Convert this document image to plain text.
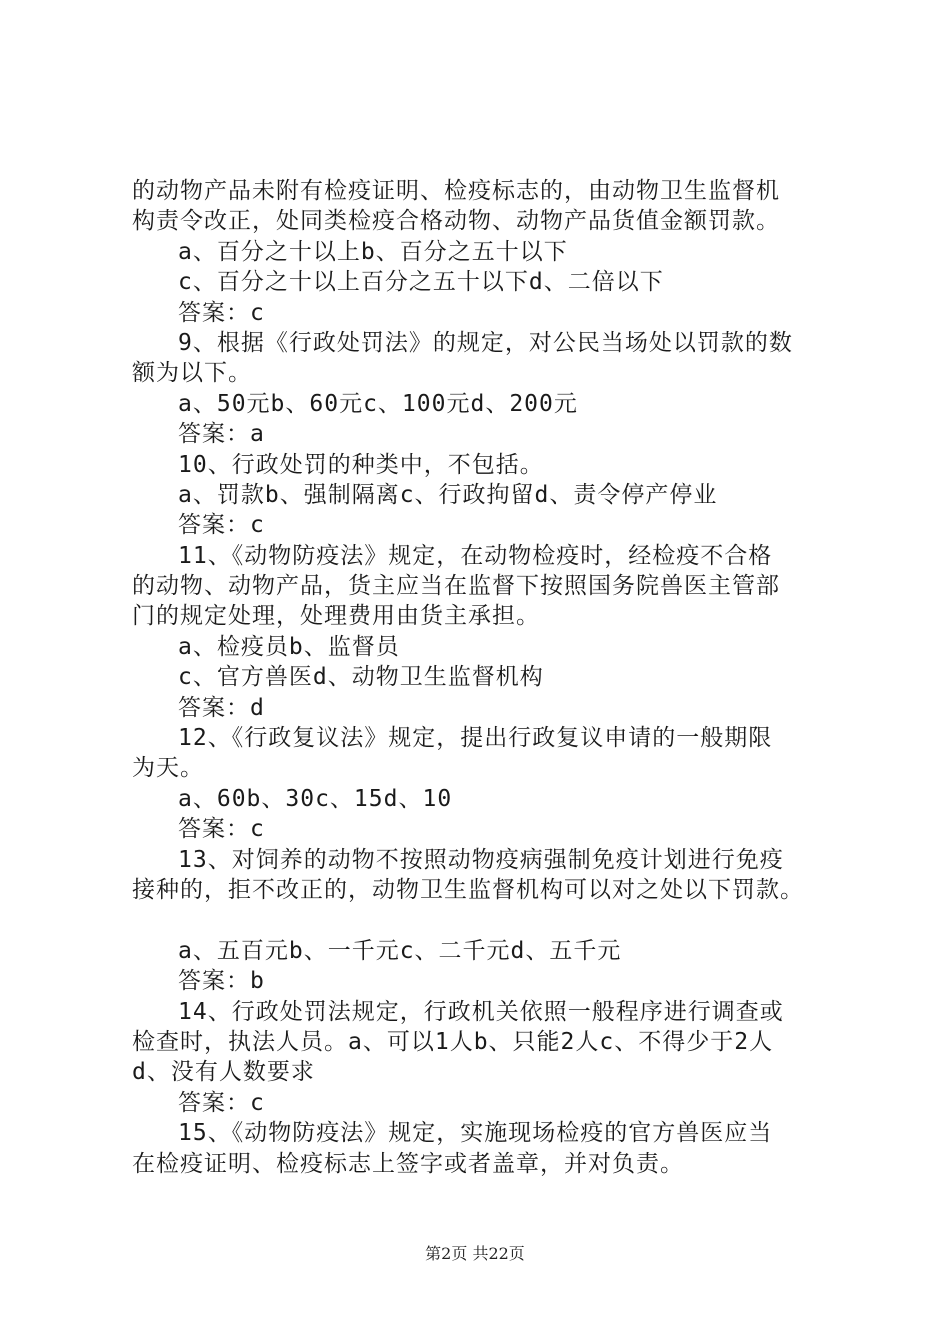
的动物产品未附有检疫证明、检疫标志的，由动物卫生监督机
构责令改正，处同类检疫合格动物、动物产品货值金额罚款。
a、百分之十以上b、百分之五十以下
c、百分之十以上百分之五十以下d、二倍以下
答案：c
9、根据《行政处罚法》的规定，对公民当场处以罚款的数
额为以下。
a、50元b、60元c、100元d、200元
答案：a
10、行政处罚的种类中，不包括。
a、罚款b、强制隔离c、行政拘留d、责令停产停业
答案：c
11、《动物防疫法》规定，在动物检疫时，经检疫不合格
的动物、动物产品，货主应当在监督下按照国务院兽医主管部
门的规定处理，处理费用由货主承担。
a、检疫员b、监督员
c、官方兽医d、动物卫生监督机构
答案：d
12、《行政复议法》规定，提出行政复议申请的一般期限
为天。
a、60b、30c、15d、10
答案：c
13、对饲养的动物不按照动物疫病强制免疫计划进行免疫
接种的，拒不改正的，动物卫生监督机构可以对之处以下罚款。
a、五百元b、一千元c、二千元d、五千元
答案：b
14、行政处罚法规定，行政机关依照一般程序进行调查或
检查时，执法人员。a、可以1人b、只能2人c、不得少于2人
d、没有人数要求
答案：c
15、《动物防疫法》规定，实施现场检疫的官方兽医应当
在检疫证明、检疫标志上签字或者盖章，并对负责。
第2页 共22页
